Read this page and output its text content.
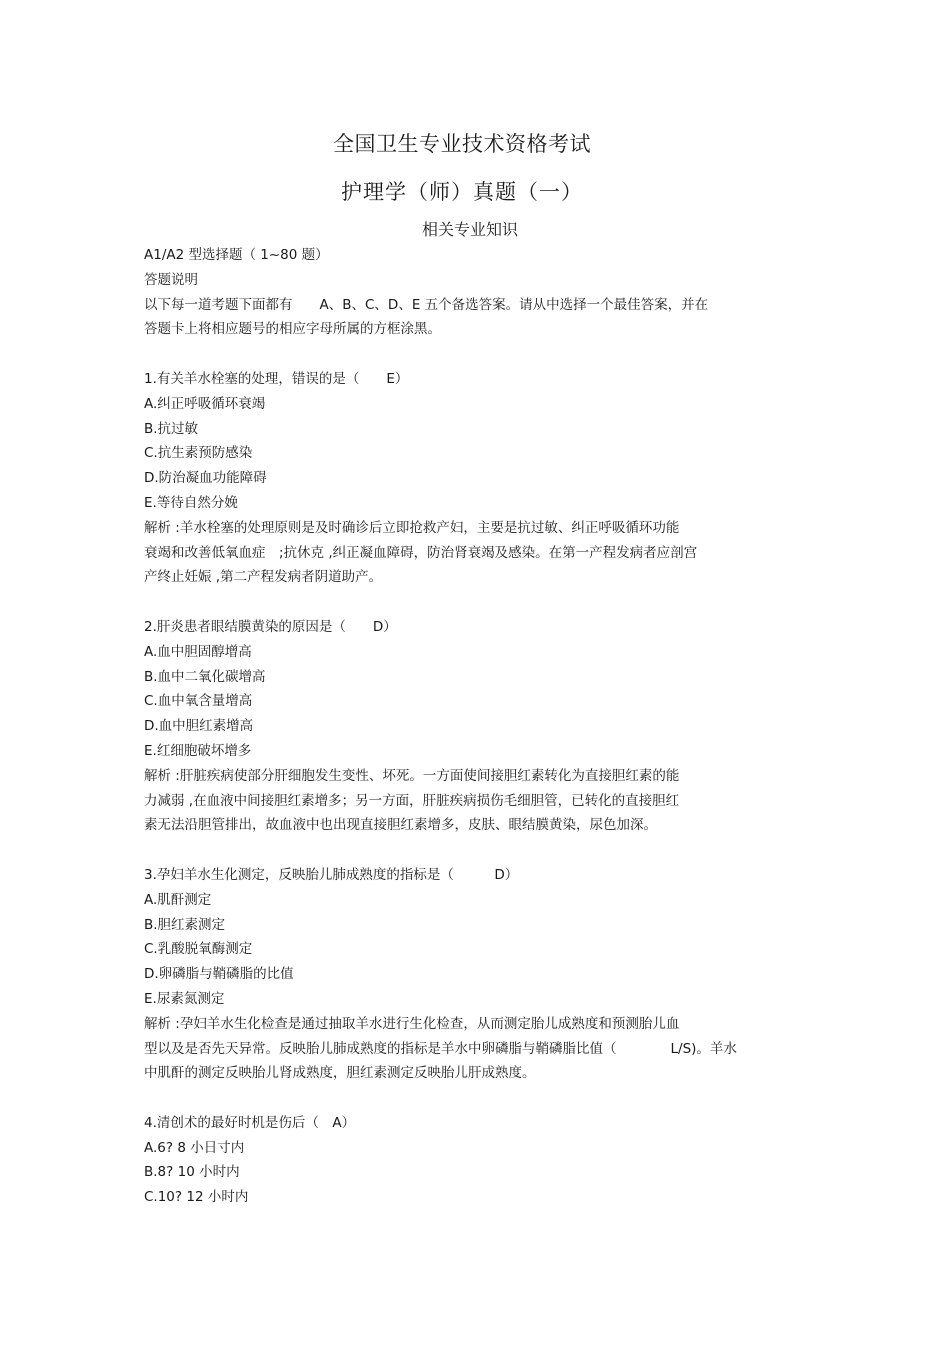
全国卫生专业技术资格考试
护理学（师）真题（一）
相关专业知识
A1/A2 型选择题（ 1~80 题）
答题说明
以下每一道考题下面都有　　A、B、C、D、E 五个备选答案。请从中选择一个最佳答案，并在
答题卡上将相应题号的相应字母所属的方框涂黑。
1.有关羊水栓塞的处理，错误的是（　　E）
A.纠正呼吸循环衰竭
B.抗过敏
C.抗生素预防感染
D.防治凝血功能障碍
E.等待自然分娩
解析 :羊水栓塞的处理原则是及时确诊后立即抢救产妇，主要是抗过敏、纠正呼吸循环功能
衰竭和改善低氧血症　;抗休克 ,纠正凝血障碍，防治肾衰竭及感染。在第一产程发病者应剖宫
产终止妊娠 ,第二产程发病者阴道助产。
2.肝炎患者眼结膜黄染的原因是（　　D）
A.血中胆固醇增高
B.血中二氧化碳增高
C.血中氧含量增高
D.血中胆红素增高
E.红细胞破坏增多
解析 :肝脏疾病使部分肝细胞发生变性、坏死。一方面使间接胆红素转化为直接胆红素的能
力减弱 ,在血液中间接胆红素增多；另一方面，肝脏疾病损伤毛细胆管，已转化的直接胆红
素无法沿胆管排出，故血液中也出现直接胆红素增多，皮肤、眼结膜黄染，尿色加深。
3.孕妇羊水生化测定，反映胎儿肺成熟度的指标是（　　　D）
A.肌酐测定
B.胆红素测定
C.乳酸脱氧酶测定
D.卵磷脂与鞘磷脂的比值
E.尿素氮测定
解析 :孕妇羊水生化检查是通过抽取羊水进行生化检查，从而测定胎儿成熟度和预测胎儿血
型以及是否先天异常。反映胎儿肺成熟度的指标是羊水中卵磷脂与鞘磷脂比值（　　　　L/S)。羊水
中肌酐的测定反映胎儿肾成熟度，胆红素测定反映胎儿肝成熟度。
4.清创术的最好时机是伤后（　A）
A.6? 8 小日寸内
B.8? 10 小时内
C.10? 12 小时内
